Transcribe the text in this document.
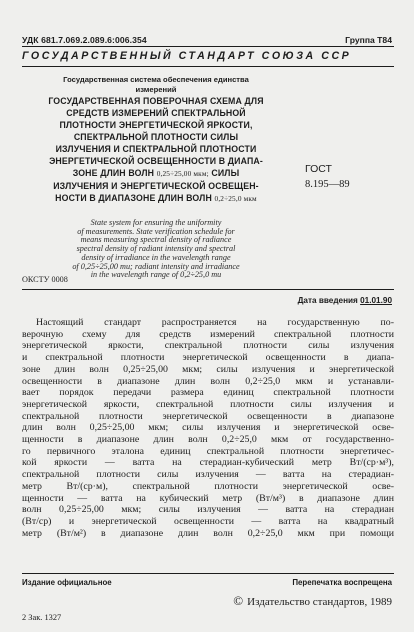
УДК 681.7.069.2.089.6:006.354	Группа Т84
ГОСУДАРСТВЕННЫЙ СТАНДАРТ СОЮЗА ССР
Государственная система обеспечения единства
измерений
ГОСУДАРСТВЕННАЯ ПОВЕРОЧНАЯ СХЕМА ДЛЯ
СРЕДСТВ ИЗМЕРЕНИЙ СПЕКТРАЛЬНОЙ
ПЛОТНОСТИ ЭНЕРГЕТИЧЕСКОЙ ЯРКОСТИ,
СПЕКТРАЛЬНОЙ ПЛОТНОСТИ СИЛЫ
ИЗЛУЧЕНИЯ И СПЕКТРАЛЬНОЙ ПЛОТНОСТИ
ЭНЕРГЕТИЧЕСКОЙ ОСВЕЩЕННОСТИ В ДИАПА-
ЗОНЕ ДЛИН ВОЛН 0,25÷25,00 мкм; СИЛЫ
ИЗЛУЧЕНИЯ И ЭНЕРГЕТИЧЕСКОЙ ОСВЕЩЕН-
НОСТИ В ДИАПАЗОНЕ ДЛИН ВОЛН 0,2÷25,0 мкм
ГОСТ
8.195—89
State system for ensuring the uniformity
of measurements. State verification schedule for
means measuring spectral density of radiance
spectral density of radiant intensity and spectral
density of irradiance in the wavelength range
of 0,25÷25,00 mu; radiant intensity and irradiance
in the wavelength range of 0,2÷25,0 mu
ОКСТУ 0008
Дата введения 01.01.90
Настоящий стандарт распространяется на государственную по-
верочную схему для средств измерений спектральной плотности
энергетической яркости, спектральной плотности силы излучения
и спектральной плотности энергетической освещенности в диапа-
зоне длин волн 0,25÷25,00 мкм; силы излучения и энергетической
освещенности в диапазоне длин волн 0,2÷25,0 мкм и устанавли-
вает порядок передачи размера единиц спектральной плотности
энергетической яркости, спектральной плотности силы излучения и
спектральной плотности энергетической освещенности в диапазоне
длин волн 0,25÷25,00 мкм; силы излучения и энергетической осве-
щенности в диапазоне длин волн 0,2÷25,0 мкм от государственно-
го первичного эталона единиц спектральной плотности энергетичес-
кой яркости — ватта на стерадиан-кубический метр Вт/(ср·м³),
спектральной плотности силы излучения — ватта на стерадиан-
метр Вт/(ср·м), спектральной плотности энергетической осве-
щенности — ватта на кубический метр (Вт/м³) в диапазоне длин
волн 0,25÷25,00 мкм; силы излучения — ватта на стерадиан
(Вт/ср) и энергетической освещенности — ватта на квадратный
метр (Вт/м²) в диапазоне длин волн 0,2÷25,0 мкм при помощи
Издание официальное	Перепечатка воспрещена
© Издательство стандартов, 1989
2 Зак. 1327
